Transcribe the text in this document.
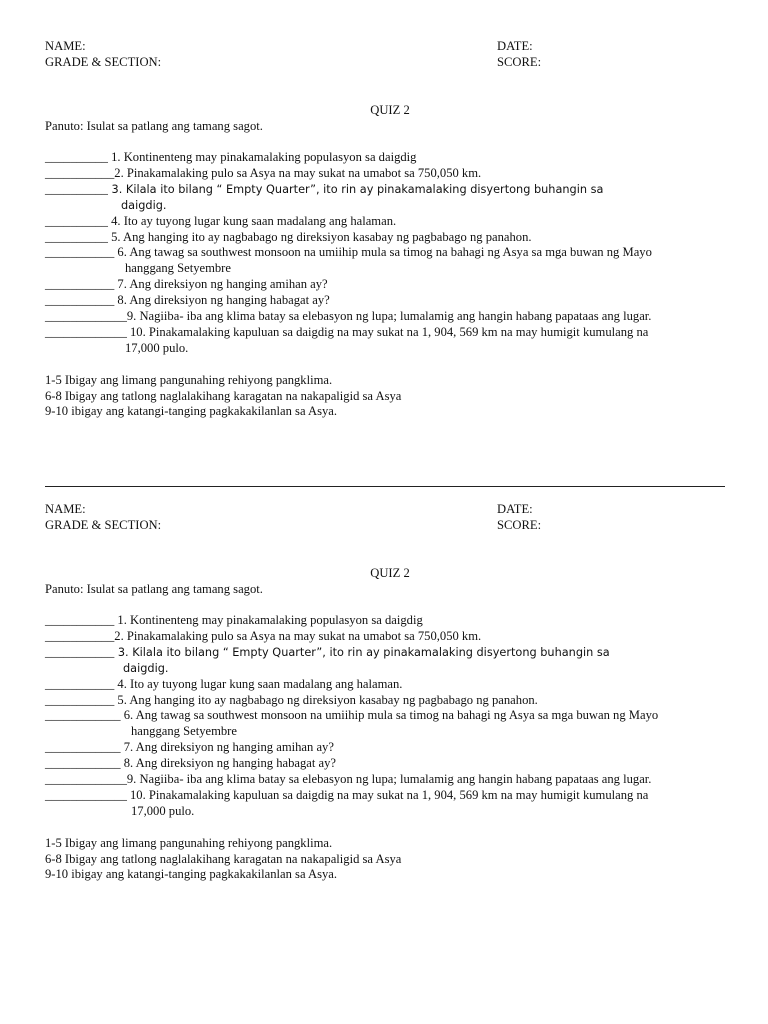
NAME:
GRADE & SECTION:
DATE:
SCORE:
QUIZ 2
Panuto: Isulat sa patlang ang tamang sagot.
__________ 1. Kontinenteng may pinakamalaking populasyon sa daigdig
___________2. Pinakamalaking pulo sa Asya na may sukat na umabot sa 750,050 km.
__________ 3. Kilala ito bilang “ Empty Quarter”, ito rin ay pinakamalaking disyertong buhangin sa
daigdig.
__________ 4. Ito ay tuyong lugar kung saan madalang ang halaman.
__________ 5. Ang hanging ito ay nagbabago ng direksiyon kasabay ng pagbabago ng panahon.
___________ 6. Ang tawag sa southwest monsoon na umiihip mula sa timog na bahagi ng Asya sa mga buwan ng Mayo
hanggang Setyembre
___________ 7. Ang direksiyon ng hanging amihan ay?
___________ 8. Ang direksiyon ng hanging habagat ay?
_____________9. Nagiiba- iba ang klima batay sa elebasyon ng lupa; lumalamig ang hangin habang papataas ang lugar.
_____________ 10. Pinakamalaking kapuluan sa daigdig na may sukat na 1, 904, 569 km na may humigit kumulang na
17,000 pulo.
1-5 Ibigay ang limang pangunahing rehiyong pangklima.
6-8 Ibigay ang tatlong naglalakihang karagatan na nakapaligid sa Asya
9-10 ibigay ang katangi-tanging pagkakakilanlan sa Asya.
NAME:
GRADE & SECTION:
DATE:
SCORE:
QUIZ 2
Panuto: Isulat sa patlang ang tamang sagot.
___________ 1. Kontinenteng may pinakamalaking populasyon sa daigdig
___________2. Pinakamalaking pulo sa Asya na may sukat na umabot sa 750,050 km.
___________ 3. Kilala ito bilang “ Empty Quarter”, ito rin ay pinakamalaking disyertong buhangin sa
daigdig.
___________ 4. Ito ay tuyong lugar kung saan madalang ang halaman.
___________ 5. Ang hanging ito ay nagbabago ng direksiyon kasabay ng pagbabago ng panahon.
____________ 6. Ang tawag sa southwest monsoon na umiihip mula sa timog na bahagi ng Asya sa mga buwan ng Mayo
hanggang Setyembre
____________ 7. Ang direksiyon ng hanging amihan ay?
____________ 8. Ang direksiyon ng hanging habagat ay?
_____________9. Nagiiba- iba ang klima batay sa elebasyon ng lupa; lumalamig ang hangin habang papataas ang lugar.
_____________ 10. Pinakamalaking kapuluan sa daigdig na may sukat na 1, 904, 569 km na may humigit kumulang na
17,000 pulo.
1-5 Ibigay ang limang pangunahing rehiyong pangklima.
6-8 Ibigay ang tatlong naglalakihang karagatan na nakapaligid sa Asya
9-10 ibigay ang katangi-tanging pagkakakilanlan sa Asya.
